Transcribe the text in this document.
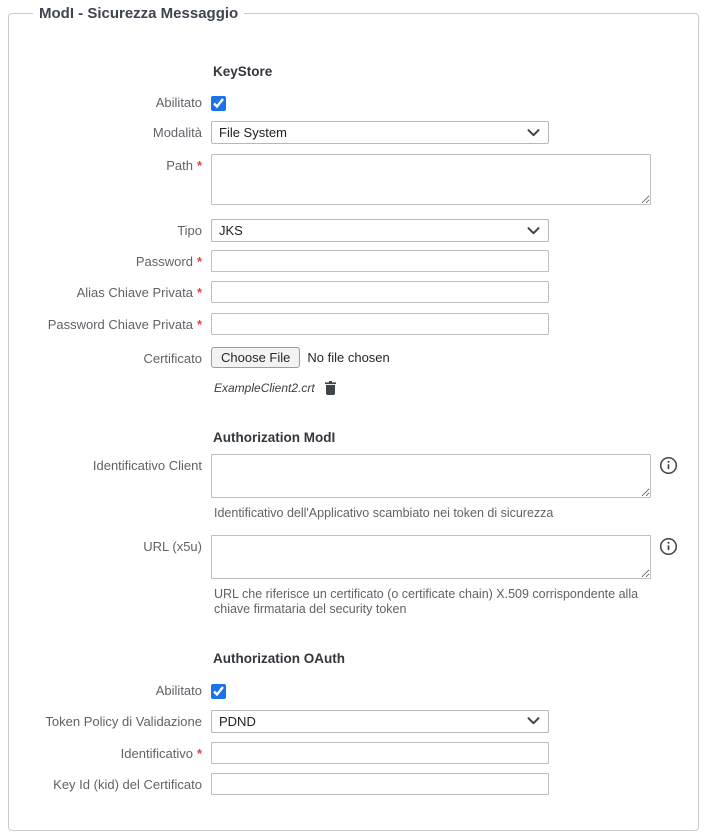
ModI - Sicurezza Messaggio
KeyStore
Abilitato
Modalità	File System
Path *
Tipo	JKS
Password *
Alias Chiave Privata *
Password Chiave Privata *
Certificato	Choose File	No file chosen
ExampleClient2.crt
Authorization ModI
Identificativo Client
Identificativo dell'Applicativo scambiato nei token di sicurezza
URL (x5u)
URL che riferisce un certificato (o certificate chain) X.509 corrispondente alla chiave firmataria del security token
Authorization OAuth
Abilitato
Token Policy di Validazione	PDND
Identificativo *
Key Id (kid) del Certificato
